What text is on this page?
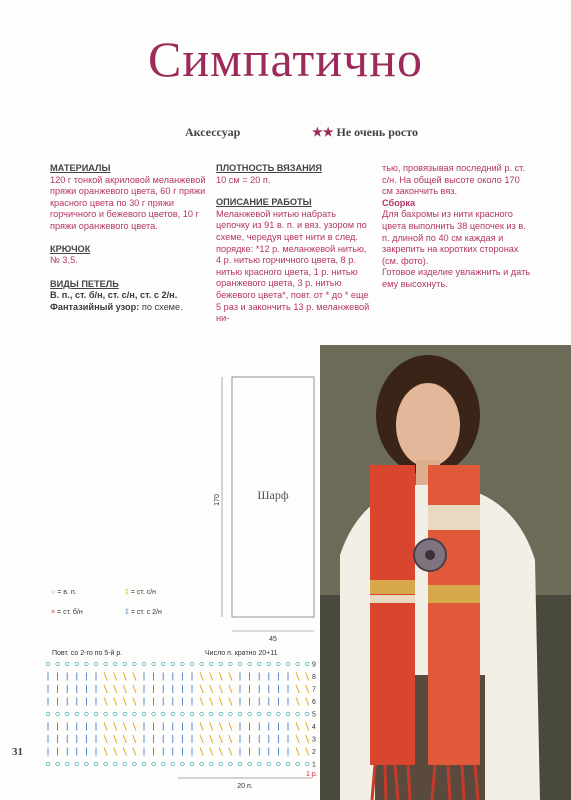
Симпатично
Аксессуар	★★ Не очень росто
МАТЕРИАЛЫ

120 г тонкой акриловой меланжевой пряжи оранжевого цвета, 60 г пряжи красного цвета по 30 г пряжи горчичного и бежевого цветов, 10 г пряжи оранжевого цвета.

КРЮЧОК

№ 3,5.

ВИДЫ ПЕТЕЛЬ

В. п., ст. б/н, ст. с/н, ст. с 2/н.

Фантазийный узор: по схеме.

ПЛОТНОСТЬ ВЯЗАНИЯ

10 см = 20 п.

ОПИСАНИЕ РАБОТЫ

Меланжевой нитью набрать цепочку из 91 в. п. и вяз. узором по схеме, чередуя цвет нити в след. порядке: *12 р. меланжевой нитью, 4 р. нитью горчичного цвета, 8 р. нитью красного цвета, 1 р. нитью оранжевого цвета, 3 р. нитью бежевого цвета*, повт. от * до * еще 5 раз и закончить 13 р. меланжевой ни-

тью, провязывая последний р. ст. с/н. На общей высоте около 170 см закончить вяз.

Сборка

Для бахромы из нити красного цвета выполнить 38 цепочек из в. п. длиной по 40 см каждая и закрепить на коротких сторонах (см. фото).

Готовое изделие увлажнить и дать ему высохнуть.

170
45
Шарф
○ = в. п.	‡ = ст. с/н
× = ст. б/н	‡ = ст. с 2/н
Повт. со 2-го по 5-й р.	Число п. кратно 20+11
9
8
7
6
5
4
3
2
1
1 р.
20 п.
31
